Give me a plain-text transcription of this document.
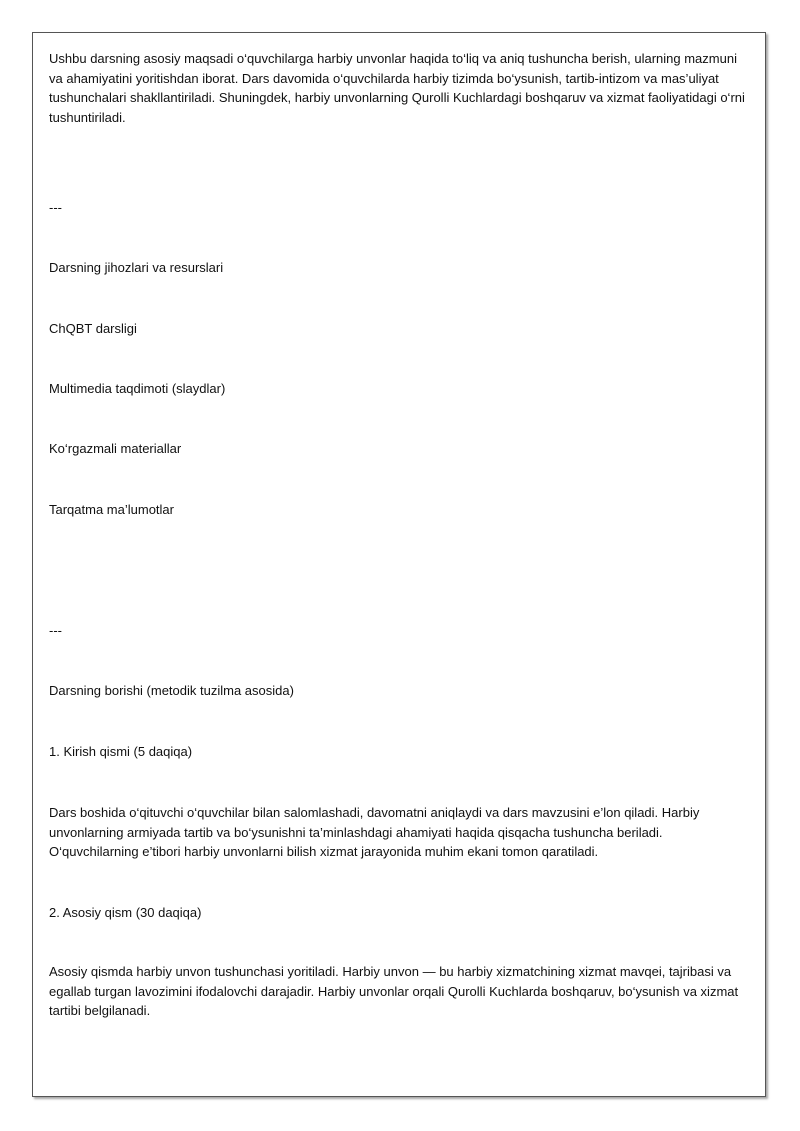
Ushbu darsning asosiy maqsadi o‘quvchilarga harbiy unvonlar haqida to‘liq va aniq tushuncha berish, ularning mazmuni va ahamiyatini yoritishdan iborat. Dars davomida o‘quvchilarda harbiy tizimda bo‘ysunish, tartib-intizom va mas’uliyat tushunchalari shakllantiriladi. Shuningdek, harbiy unvonlarning Qurolli Kuchlardagi boshqaruv va xizmat faoliyatidagi o‘rni tushuntiriladi.

---

Darsning jihozlari va resurslari

ChQBT darsligi

Multimedia taqdimoti (slaydlar)

Ko‘rgazmali materiallar

Tarqatma ma’lumotlar

---

Darsning borishi (metodik tuzilma asosida)

1. Kirish qismi (5 daqiqa)

Dars boshida o‘qituvchi o‘quvchilar bilan salomlashadi, davomatni aniqlaydi va dars mavzusini e’lon qiladi. Harbiy unvonlarning armiyada tartib va bo‘ysunishni ta’minlashdagi ahamiyati haqida qisqacha tushuncha beriladi. O‘quvchilarning e’tibori harbiy unvonlarni bilish xizmat jarayonida muhim ekani tomon qaratiladi.

2. Asosiy qism (30 daqiqa)

Asosiy qismda harbiy unvon tushunchasi yoritiladi. Harbiy unvon — bu harbiy xizmatchining xizmat mavqei, tajribasi va egallab turgan lavozimini ifodalovchi darajadir. Harbiy unvonlar orqali Qurolli Kuchlarda boshqaruv, bo‘ysunish va xizmat tartibi belgilanadi.
